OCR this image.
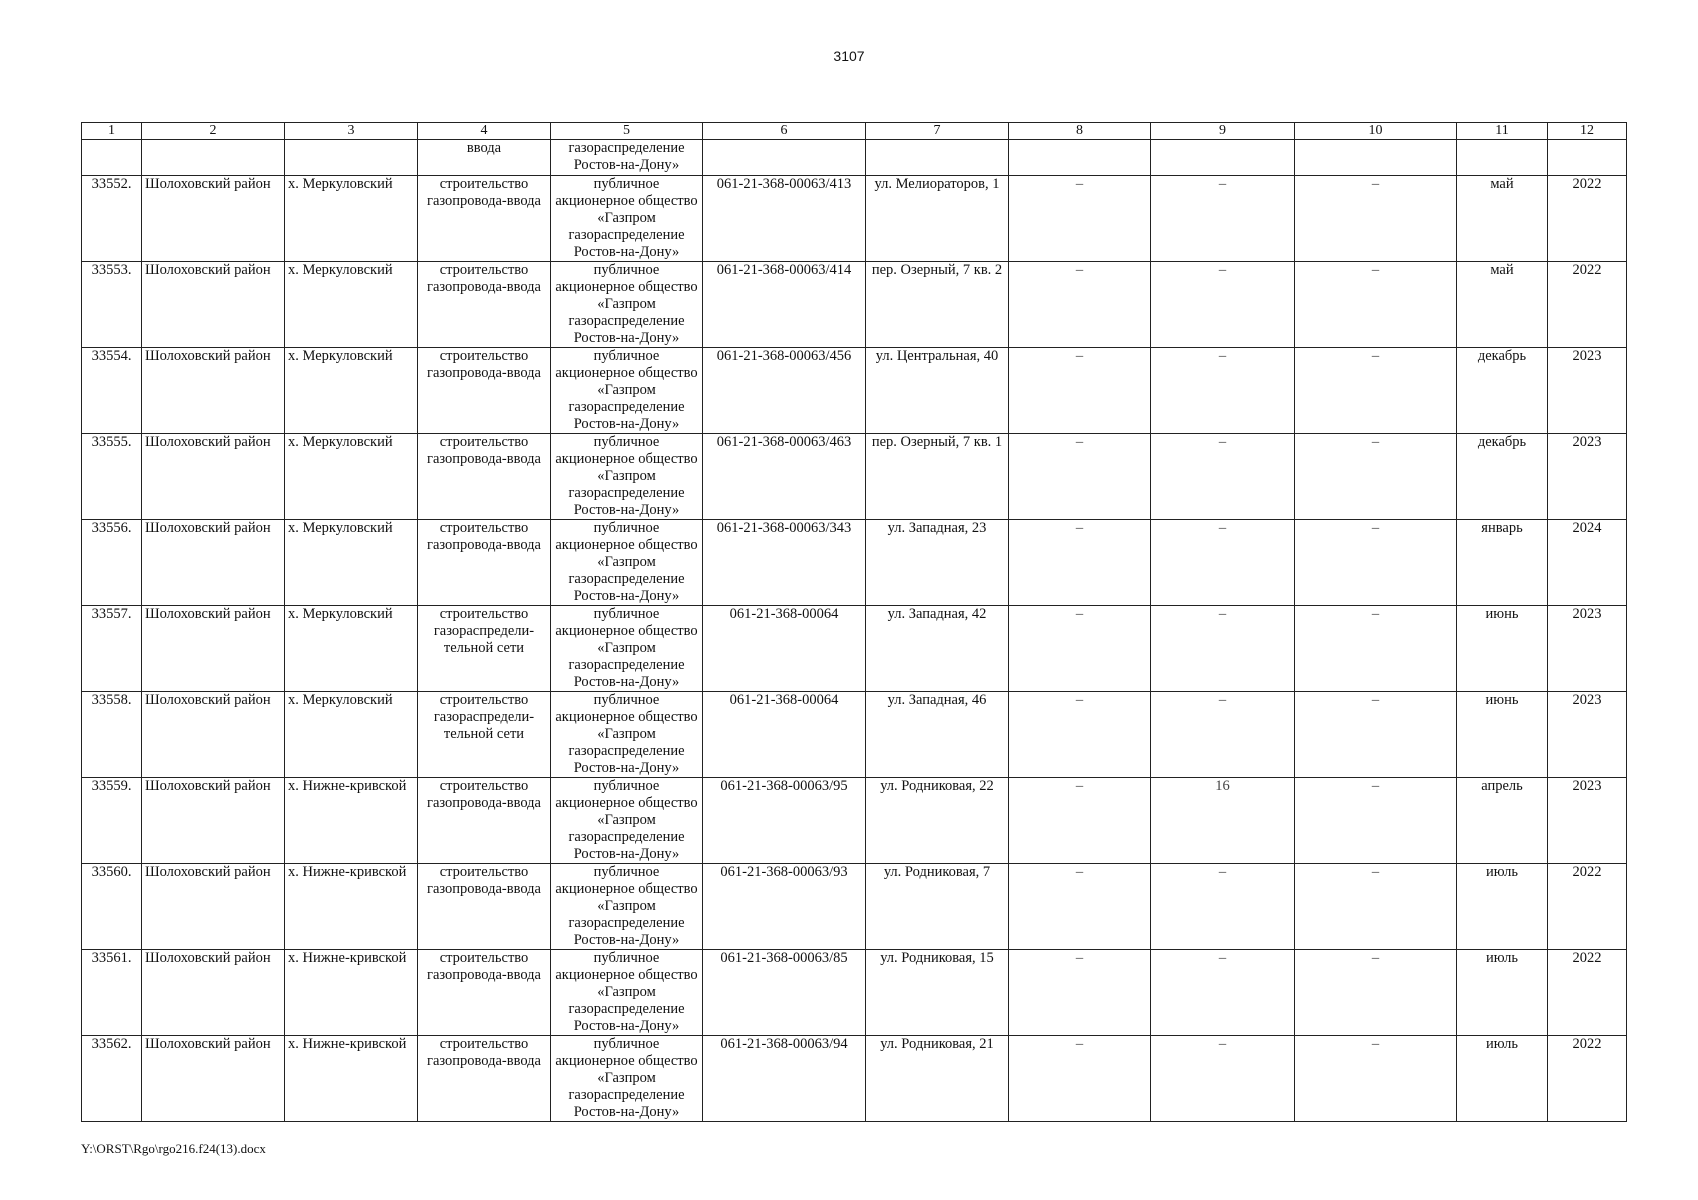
3107
1	2	3	4	5	6	7	8	9	10	11	12
			ввода	газораспределение Ростов-на-Дону»							
33552.	Шолоховский район	х. Меркуловский	строительство газопровода-ввода	публичное акционерное общество «Газпром газораспределение Ростов-на-Дону»	061-21-368-00063/413	ул. Мелиораторов, 1	–	–	–	май	2022
33553.	Шолоховский район	х. Меркуловский	строительство газопровода-ввода	публичное акционерное общество «Газпром газораспределение Ростов-на-Дону»	061-21-368-00063/414	пер. Озерный, 7 кв. 2	–	–	–	май	2022
33554.	Шолоховский район	х. Меркуловский	строительство газопровода-ввода	публичное акционерное общество «Газпром газораспределение Ростов-на-Дону»	061-21-368-00063/456	ул. Центральная, 40	–	–	–	декабрь	2023
33555.	Шолоховский район	х. Меркуловский	строительство газопровода-ввода	публичное акционерное общество «Газпром газораспределение Ростов-на-Дону»	061-21-368-00063/463	пер. Озерный, 7 кв. 1	–	–	–	декабрь	2023
33556.	Шолоховский район	х. Меркуловский	строительство газопровода-ввода	публичное акционерное общество «Газпром газораспределение Ростов-на-Дону»	061-21-368-00063/343	ул. Западная, 23	–	–	–	январь	2024
33557.	Шолоховский район	х. Меркуловский	строительство газораспредели-тельной сети	публичное акционерное общество «Газпром газораспределение Ростов-на-Дону»	061-21-368-00064	ул. Западная, 42	–	–	–	июнь	2023
33558.	Шолоховский район	х. Меркуловский	строительство газораспредели-тельной сети	публичное акционерное общество «Газпром газораспределение Ростов-на-Дону»	061-21-368-00064	ул. Западная, 46	–	–	–	июнь	2023
33559.	Шолоховский район	х. Нижне-кривской	строительство газопровода-ввода	публичное акционерное общество «Газпром газораспределение Ростов-на-Дону»	061-21-368-00063/95	ул. Родниковая, 22	–	16	–	апрель	2023
33560.	Шолоховский район	х. Нижне-кривской	строительство газопровода-ввода	публичное акционерное общество «Газпром газораспределение Ростов-на-Дону»	061-21-368-00063/93	ул. Родниковая, 7	–	–	–	июль	2022
33561.	Шолоховский район	х. Нижне-кривской	строительство газопровода-ввода	публичное акционерное общество «Газпром газораспределение Ростов-на-Дону»	061-21-368-00063/85	ул. Родниковая, 15	–	–	–	июль	2022
33562.	Шолоховский район	х. Нижне-кривской	строительство газопровода-ввода	публичное акционерное общество «Газпром газораспределение Ростов-на-Дону»	061-21-368-00063/94	ул. Родниковая, 21	–	–	–	июль	2022
Y:\ORST\Rgo\rgo216.f24(13).docx
